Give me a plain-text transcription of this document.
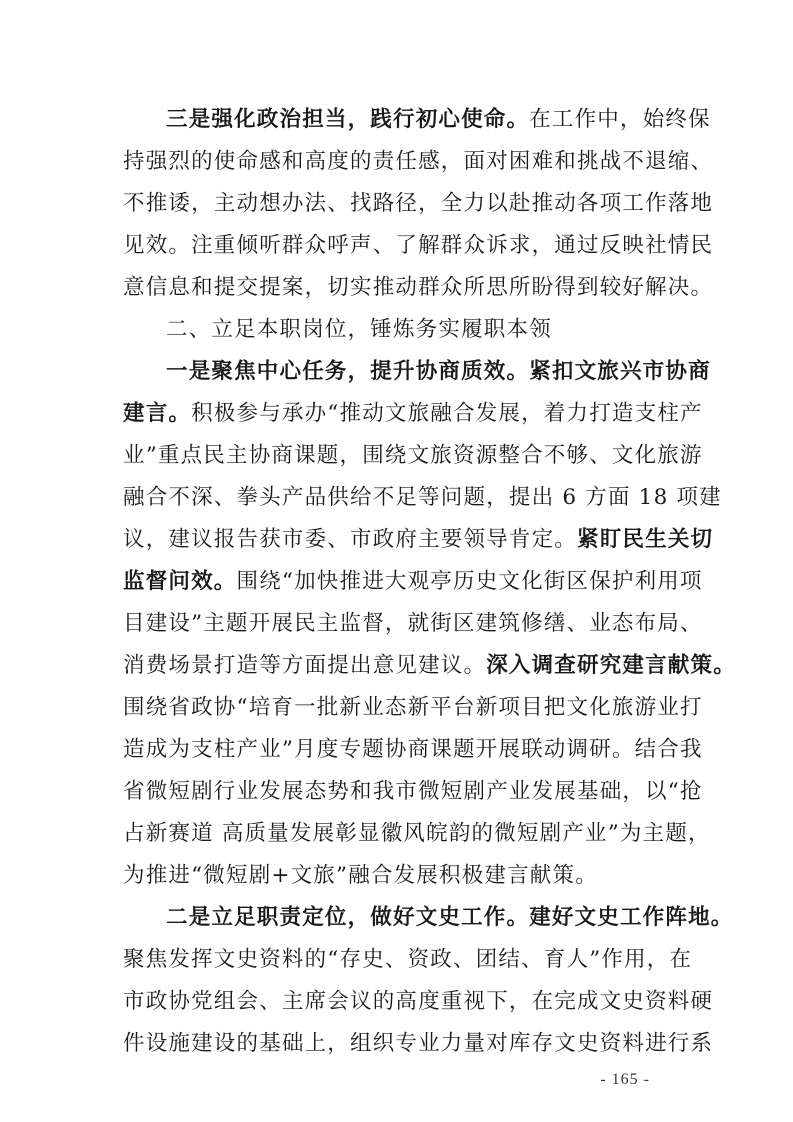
三是强化政治担当，践行初心使命。在工作中，始终保
持强烈的使命感和高度的责任感，面对困难和挑战不退缩、
不推诿，主动想办法、找路径，全力以赴推动各项工作落地
见效。注重倾听群众呼声、了解群众诉求，通过反映社情民
意信息和提交提案，切实推动群众所思所盼得到较好解决。
二、立足本职岗位，锤炼务实履职本领
一是聚焦中心任务，提升协商质效。紧扣文旅兴市协商
建言。积极参与承办“推动文旅融合发展，着力打造支柱产
业”重点民主协商课题，围绕文旅资源整合不够、文化旅游
融合不深、拳头产品供给不足等问题，提出 6 方面 18 项建
议，建议报告获市委、市政府主要领导肯定。紧盯民生关切
监督问效。围绕“加快推进大观亭历史文化街区保护利用项
目建设”主题开展民主监督，就街区建筑修缮、业态布局、
消费场景打造等方面提出意见建议。深入调查研究建言献策。
围绕省政协“培育一批新业态新平台新项目把文化旅游业打
造成为支柱产业”月度专题协商课题开展联动调研。结合我
省微短剧行业发展态势和我市微短剧产业发展基础，以“抢
占新赛道 高质量发展彰显徽风皖韵的微短剧产业”为主题，
为推进“微短剧+文旅”融合发展积极建言献策。
二是立足职责定位，做好文史工作。建好文史工作阵地。
聚焦发挥文史资料的“存史、资政、团结、育人”作用，在
市政协党组会、主席会议的高度重视下，在完成文史资料硬
件设施建设的基础上，组织专业力量对库存文史资料进行系
- 165 -
